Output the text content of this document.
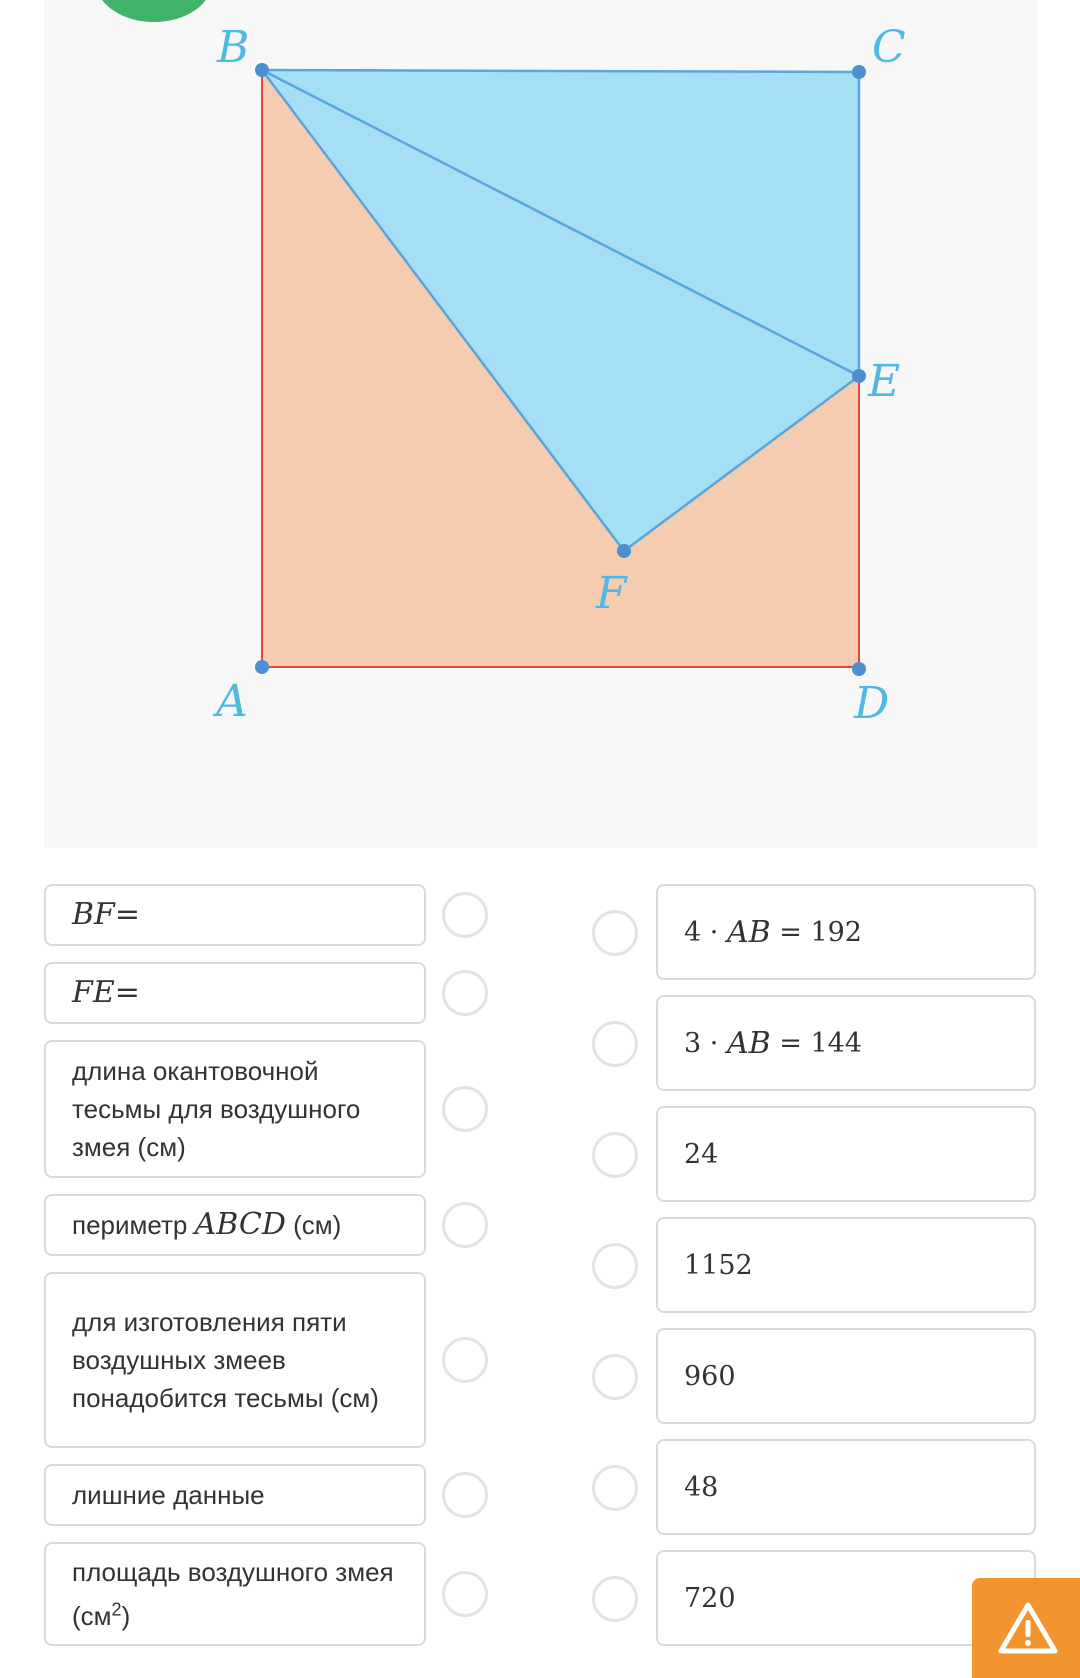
B	C
E
F
A	D
BF =
FE =
длина окантовочной тесьмы для воздушного змея (см)
периметр ABCD (см)
для изготовления пяти воздушных змеев понадобится тесьмы (см)
лишние данные
площадь воздушного змея $(см^2)$
4 · AB = 192
3 · AB = 144
24
1152
960
48
720
